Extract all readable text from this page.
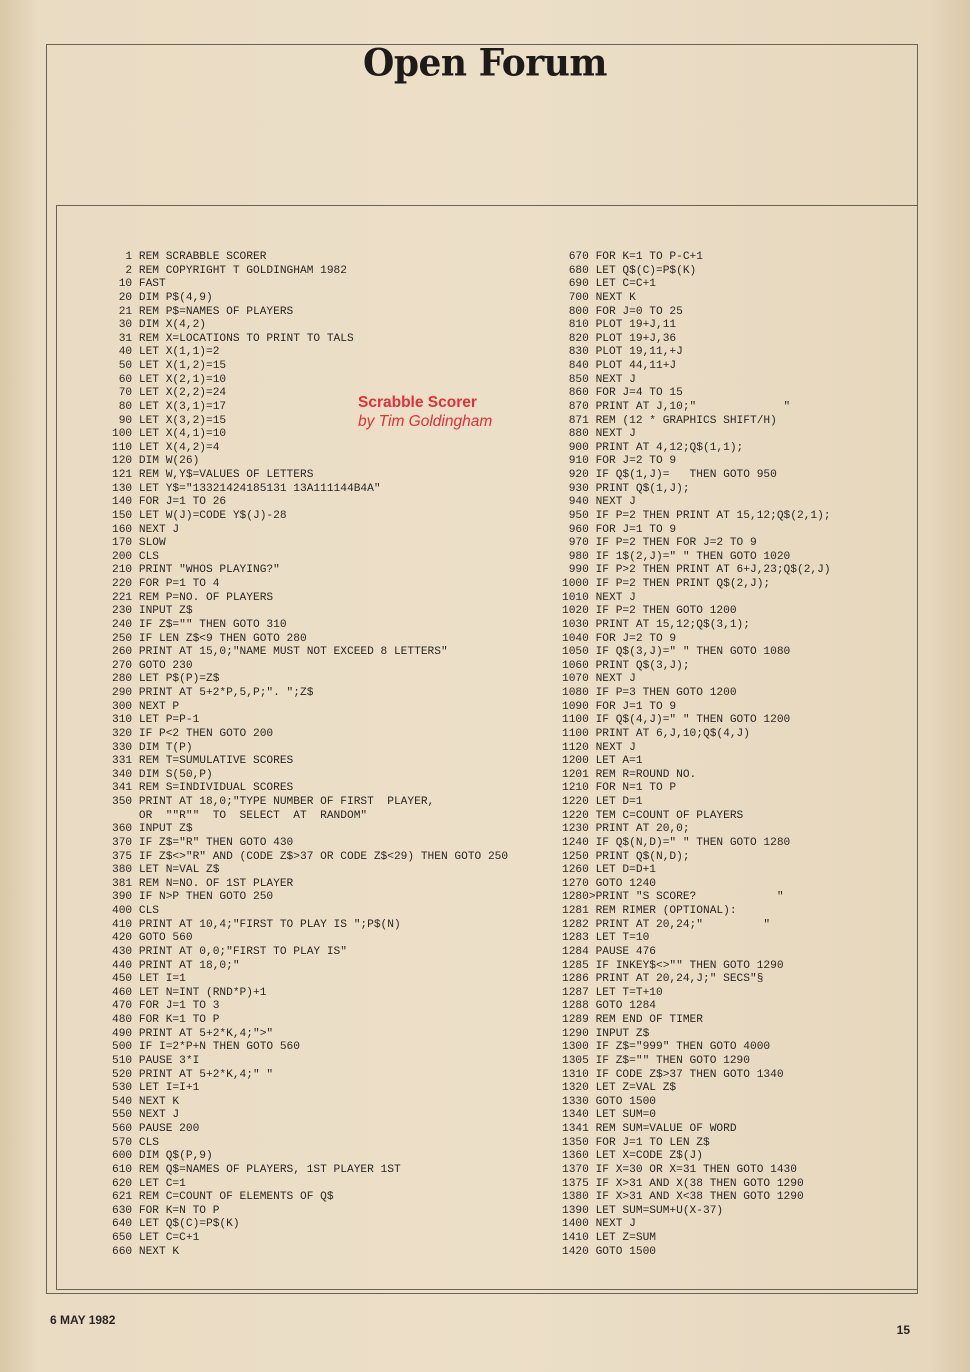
Open Forum
1 REM SCRABBLE SCORER
2 REM COPYRIGHT T GOLDINGHAM 1982
10 FAST
20 DIM P$(4,9)
21 REM P$=NAMES OF PLAYERS
30 DIM X(4,2)
31 REM X=LOCATIONS TO PRINT TO TALS
40 LET X(1,1)=2
50 LET X(1,2)=15
60 LET X(2,1)=10
70 LET X(2,2)=24
80 LET X(3,1)=17
90 LET X(3,2)=15
100 LET X(4,1)=10
110 LET X(4,2)=4
120 DIM W(26)
121 REM W,Y$=VALUES OF LETTERS
130 LET Y$="13321424185131 13A111144B4A"
140 FOR J=1 TO 26
150 LET W(J)=CODE Y$(J)-28
160 NEXT J
170 SLOW
200 CLS
210 PRINT "WHOS PLAYING?"
220 FOR P=1 TO 4
221 REM P=NO. OF PLAYERS
230 INPUT Z$
240 IF Z$="" THEN GOTO 310
250 IF LEN Z$<9 THEN GOTO 280
260 PRINT AT 15,0;"NAME MUST NOT EXCEED 8 LETTERS"
270 GOTO 230
280 LET P$(P)=Z$
290 PRINT AT 5+2*P,5,P;". ";Z$
300 NEXT P
310 LET P=P-1
320 IF P<2 THEN GOTO 200
330 DIM T(P)
331 REM T=SUMULATIVE SCORES
340 DIM S(50,P)
341 REM S=INDIVIDUAL SCORES
350 PRINT AT 18,0;"TYPE NUMBER OF FIRST  PLAYER,
OR  ""R""  TO  SELECT  AT  RANDOM"
360 INPUT Z$
370 IF Z$="R" THEN GOTO 430
375 IF Z$<>"R" AND (CODE Z$>37 OR CODE Z$<29) THEN GOTO 250
380 LET N=VAL Z$
381 REM N=NO. OF 1ST PLAYER
390 IF N>P THEN GOTO 250
400 CLS
410 PRINT AT 10,4;"FIRST TO PLAY IS ";P$(N)
420 GOTO 560
430 PRINT AT 0,0;"FIRST TO PLAY IS"
440 PRINT AT 18,0;"
450 LET I=1
460 LET N=INT (RND*P)+1
470 FOR J=1 TO 3
480 FOR K=1 TO P
490 PRINT AT 5+2*K,4;">"
500 IF I=2*P+N THEN GOTO 560
510 PAUSE 3*I
520 PRINT AT 5+2*K,4;" "
530 LET I=I+1
540 NEXT K
550 NEXT J
560 PAUSE 200
570 CLS
600 DIM Q$(P,9)
610 REM Q$=NAMES OF PLAYERS, 1ST PLAYER 1ST
620 LET C=1
621 REM C=COUNT OF ELEMENTS OF Q$
630 FOR K=N TO P
640 LET Q$(C)=P$(K)
650 LET C=C+1
660 NEXT K
670 FOR K=1 TO P-C+1
680 LET Q$(C)=P$(K)
690 LET C=C+1
700 NEXT K
800 FOR J=0 TO 25
810 PLOT 19+J,11
820 PLOT 19+J,36
830 PLOT 19,11,+J
840 PLOT 44,11+J
850 NEXT J
860 FOR J=4 TO 15
870 PRINT AT J,10;"             "
871 REM (12 * GRAPHICS SHIFT/H)
880 NEXT J
900 PRINT AT 4,12;Q$(1,1);
910 FOR J=2 TO 9
920 IF Q$(1,J)=   THEN GOTO 950
930 PRINT Q$(1,J);
940 NEXT J
950 IF P=2 THEN PRINT AT 15,12;Q$(2,1);
960 FOR J=1 TO 9
970 IF P=2 THEN FOR J=2 TO 9
980 IF 1$(2,J)=" " THEN GOTO 1020
990 IF P>2 THEN PRINT AT 6+J,23;Q$(2,J)
1000 IF P=2 THEN PRINT Q$(2,J);
1010 NEXT J
1020 IF P=2 THEN GOTO 1200
1030 PRINT AT 15,12;Q$(3,1);
1040 FOR J=2 TO 9
1050 IF Q$(3,J)=" " THEN GOTO 1080
1060 PRINT Q$(3,J);
1070 NEXT J
1080 IF P=3 THEN GOTO 1200
1090 FOR J=1 TO 9
1100 IF Q$(4,J)=" " THEN GOTO 1200
1100 PRINT AT 6,J,10;Q$(4,J)
1120 NEXT J
1200 LET A=1
1201 REM R=ROUND NO.
1210 FOR N=1 TO P
1220 LET D=1
1220 TEM C=COUNT OF PLAYERS
1230 PRINT AT 20,0;
1240 IF Q$(N,D)=" " THEN GOTO 1280
1250 PRINT Q$(N,D);
1260 LET D=D+1
1270 GOTO 1240
1280>PRINT "S SCORE?            "
1281 REM RIMER (OPTIONAL):
1282 PRINT AT 20,24;"         "
1283 LET T=10
1284 PAUSE 476
1285 IF INKEY$<>"" THEN GOTO 1290
1286 PRINT AT 20,24,J;" SECS"§
1287 LET T=T+10
1288 GOTO 1284
1289 REM END OF TIMER
1290 INPUT Z$
1300 IF Z$="999" THEN GOTO 4000
1305 IF Z$="" THEN GOTO 1290
1310 IF CODE Z$>37 THEN GOTO 1340
1320 LET Z=VAL Z$
1330 GOTO 1500
1340 LET SUM=0
1341 REM SUM=VALUE OF WORD
1350 FOR J=1 TO LEN Z$
1360 LET X=CODE Z$(J)
1370 IF X=30 OR X=31 THEN GOTO 1430
1375 IF X>31 AND X(38 THEN GOTO 1290
1380 IF X>31 AND X<38 THEN GOTO 1290
1390 LET SUM=SUM+U(X-37)
1400 NEXT J
1410 LET Z=SUM
1420 GOTO 1500
Scrabble Scorer
by Tim Goldingham
6 MAY 1982
15
